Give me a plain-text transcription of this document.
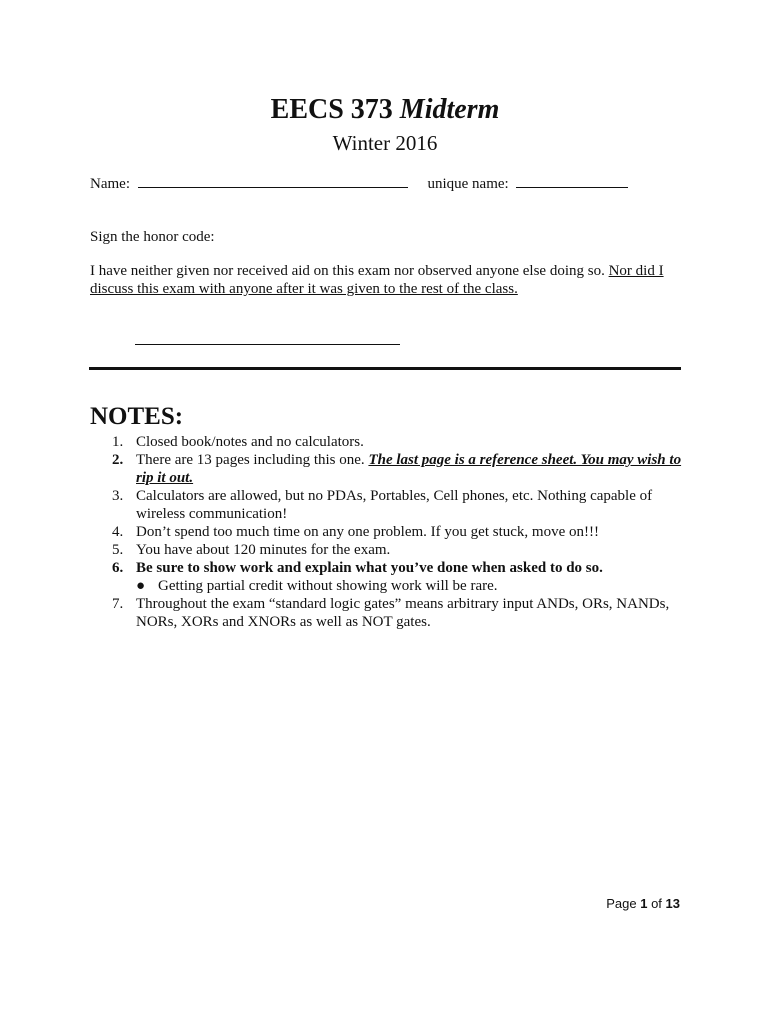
EECS 373 Midterm
Winter 2016
Name:	unique name:
Sign the honor code:
I have neither given nor received aid on this exam nor observed anyone else doing so. Nor did I discuss this exam with anyone after it was given to the rest of the class.
NOTES:
1. Closed book/notes and no calculators.
2. There are 13 pages including this one. The last page is a reference sheet. You may wish to rip it out.
3. Calculators are allowed, but no PDAs, Portables, Cell phones, etc. Nothing capable of wireless communication!
4. Don’t spend too much time on any one problem. If you get stuck, move on!!!
5. You have about 120 minutes for the exam.
6. Be sure to show work and explain what you’ve done when asked to do so.
● Getting partial credit without showing work will be rare.
7. Throughout the exam “standard logic gates” means arbitrary input ANDs, ORs, NANDs, NORs, XORs and XNORs as well as NOT gates.
Page 1 of 13
